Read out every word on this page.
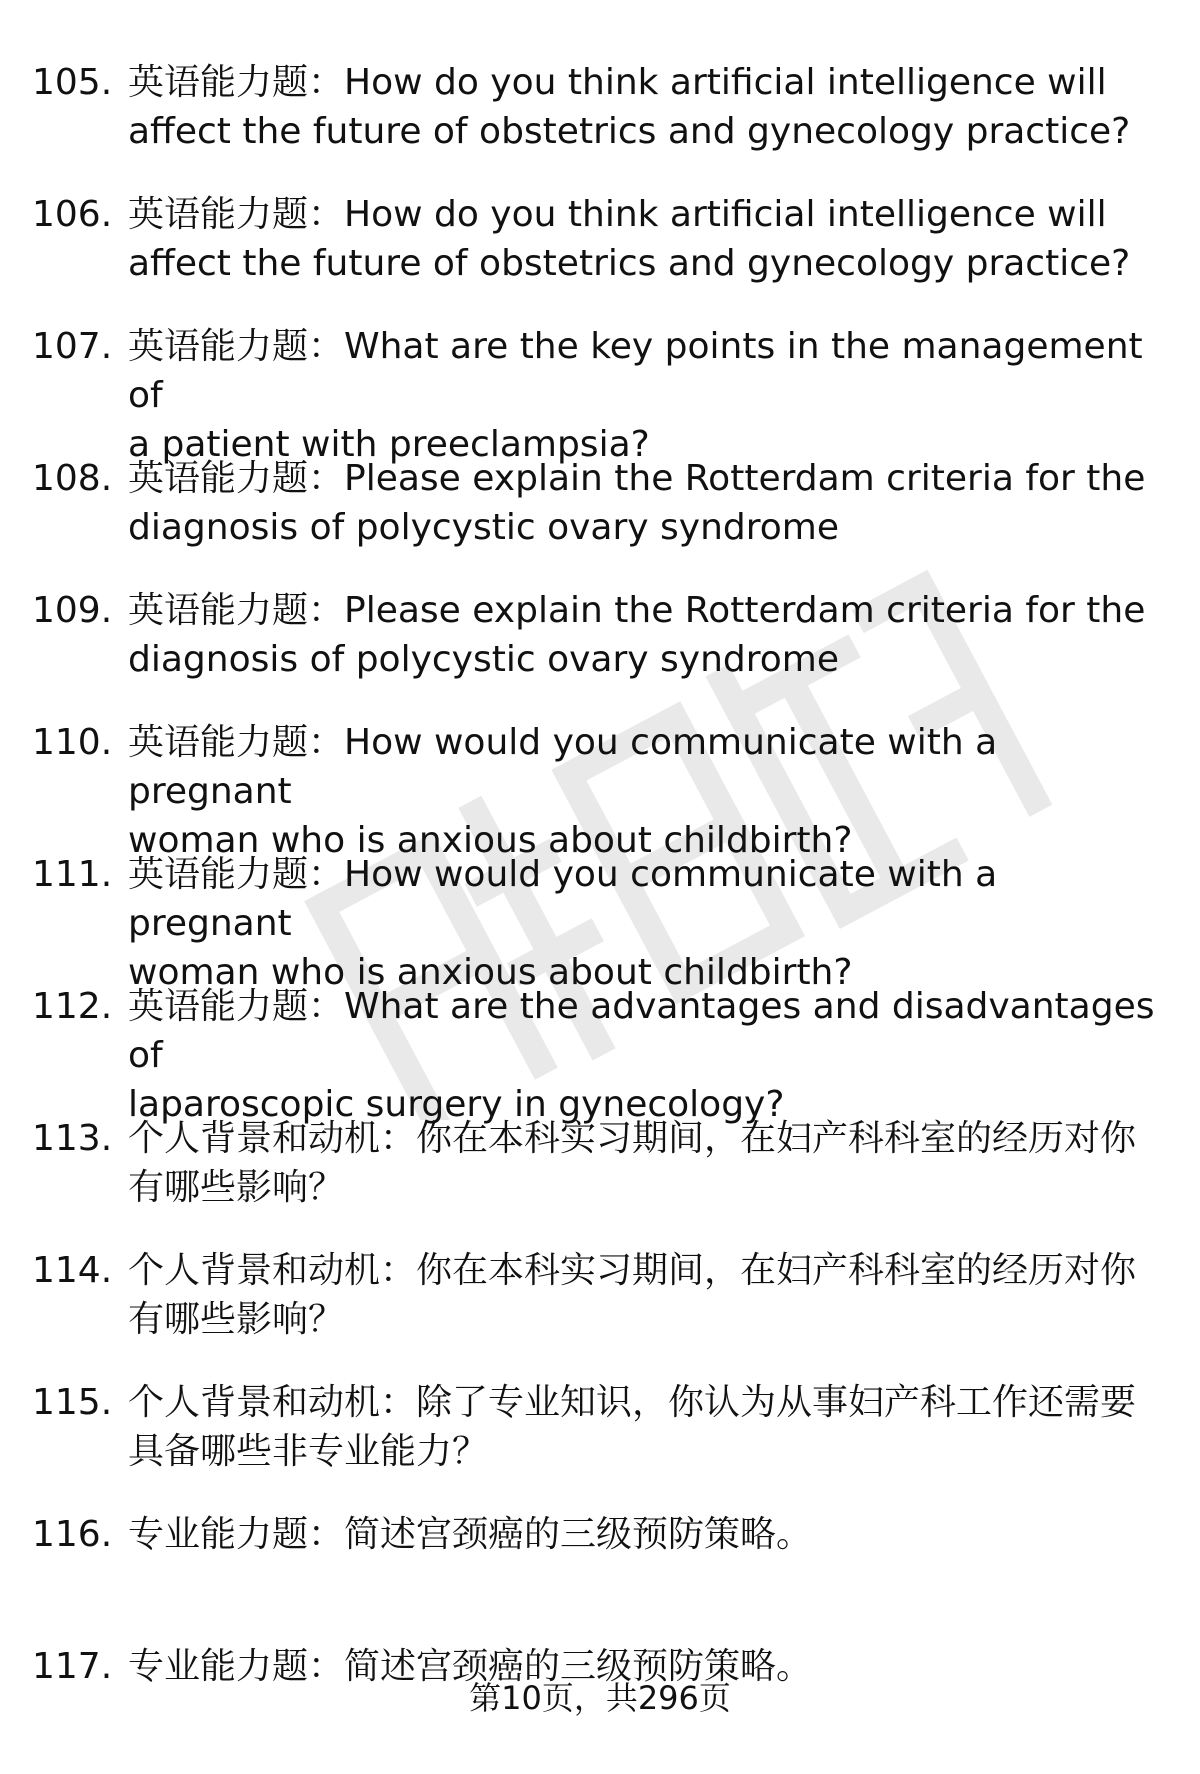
105. 英语能力题：How do you think artificial intelligence will
affect the future of obstetrics and gynecology practice?
106. 英语能力题：How do you think artificial intelligence will
affect the future of obstetrics and gynecology practice?
107. 英语能力题：What are the key points in the management of
a patient with preeclampsia?
108. 英语能力题：Please explain the Rotterdam criteria for the
diagnosis of polycystic ovary syndrome
109. 英语能力题：Please explain the Rotterdam criteria for the
diagnosis of polycystic ovary syndrome
110. 英语能力题：How would you communicate with a pregnant
woman who is anxious about childbirth?
111. 英语能力题：How would you communicate with a pregnant
woman who is anxious about childbirth?
112. 英语能力题：What are the advantages and disadvantages of
laparoscopic surgery in gynecology?
113. 个人背景和动机：你在本科实习期间，在妇产科科室的经历对你
有哪些影响？
114. 个人背景和动机：你在本科实习期间，在妇产科科室的经历对你
有哪些影响？
115. 个人背景和动机：除了专业知识，你认为从事妇产科工作还需要
具备哪些非专业能力？
116. 专业能力题：简述宫颈癌的三级预防策略。
117. 专业能力题：简述宫颈癌的三级预防策略。
第10页，共296页
